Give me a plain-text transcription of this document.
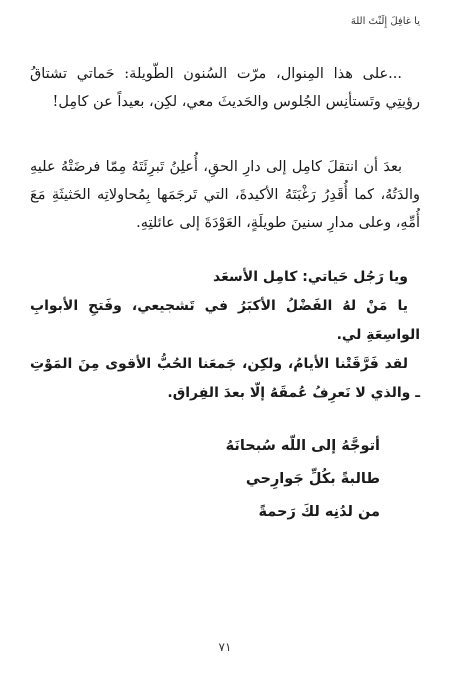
يا غافِلَ إِلَنْتَ اللهَ

...على هذا المِنوال، مرّت السُنون الطّويلة: حَماتي تشتاقُ رؤيتِي وتَستأنِس الجُلوس والحَديثَ معي، لكِن، بعيداً عن كامِل!

بعدَ أن انتقلَ كامِل إلى دارِ الحقِ، أُعلِنُ تَبرِئَتَهُ مِمّا فرضَتْهُ عليهِ والدَتُهُ، كما أُقَدِرُ رَغْبَتَهُ الأكيدةَ، التي تَرجَمَها بِمُحاولاتِه الحَثيثَةِ مَعَ أُمِّهِ، وعلى مدارِ سنينَ طويلَةٍ، العَوْدَةَ إلى عائلتِهِ.

ويا رَجُل حَياتي: كامِل الأسعَد

يا مَنْ لهُ الفَضْلُ الأكبَرُ في تَشجيعي، وفَتحِ الأبوابِ الواسِعَةِ لي.

لقد فَرَّقَتْنا الأيامُ، ولكِن، جَمعَنا الحُبُّ الأقوى مِنَ المَوْتِ ـ والذي لا نَعرِفُ عُمقَهُ إلّا بعدَ الفِراق.

أتوجَّهُ إلى اللّه سُبحانَهُ

طالبةً بكُلِّ جَوارِحي

من لدُنِه لكَ رَحمةً

٧١
